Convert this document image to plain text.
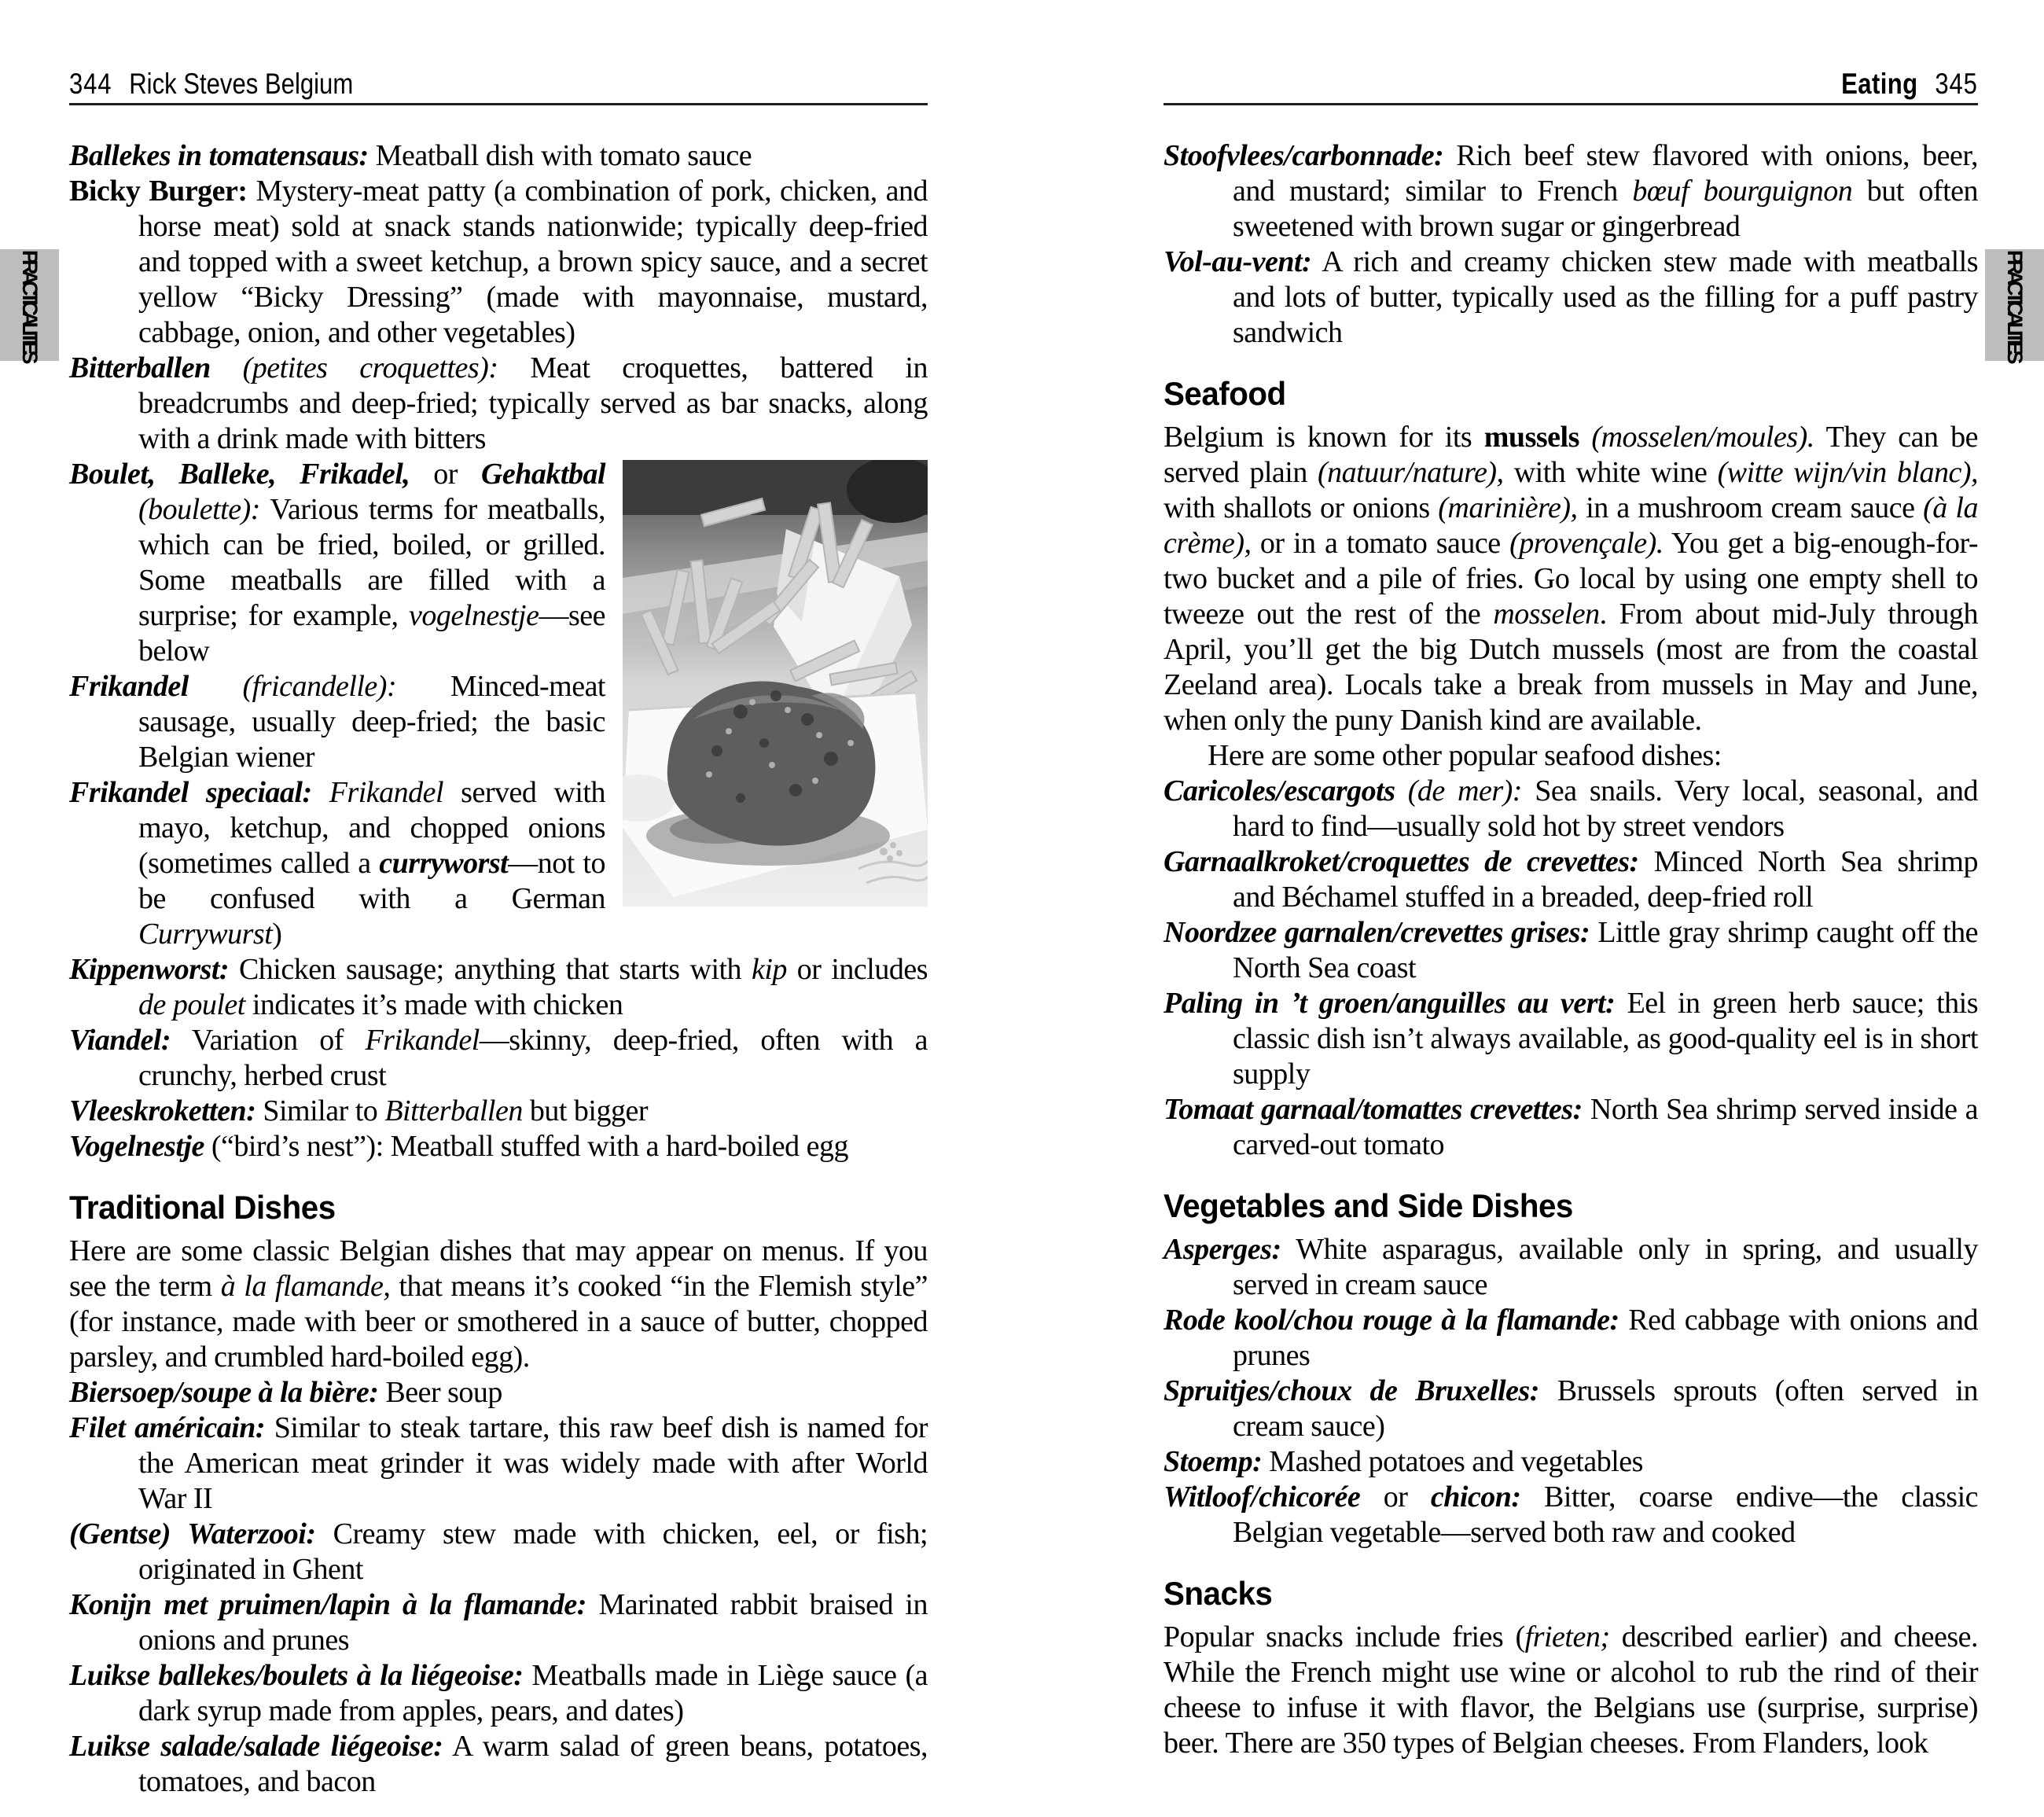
344 Rick Steves Belgium	Eating 345
PRACTICALITIES	PRACTICALITIES

Ballekes in tomatensaus: Meatball dish with tomato sauce

Bicky Burger: Mystery-meat patty (a combination of pork, chicken, and horse meat) sold at snack stands nationwide; typically deep-fried and topped with a sweet ketchup, a brown spicy sauce, and a secret yellow “Bicky Dressing” (made with mayonnaise, mustard, cabbage, onion, and other vegetables)

Bitterballen (petites croquettes): Meat croquettes, battered in breadcrumbs and deep-fried; typically served as bar snacks, along with a drink made with bitters

Boulet, Balleke, Frikadel, or Gehaktbal (boulette): Various terms for meatballs, which can be fried, boiled, or grilled. Some meatballs are filled with a surprise; for example, vogelnestje—see below

Frikandel (fricandelle): Minced-meat sausage, usually deep-fried; the basic Belgian wiener

Frikandel speciaal: Frikandel served with mayo, ketchup, and chopped onions (sometimes called a curryworst—not to be confused with a German Currywurst)

Kippenworst: Chicken sausage; anything that starts with kip or includes de poulet indicates it’s made with chicken

Viandel: Variation of Frikandel—skinny, deep-fried, often with a crunchy, herbed crust

Vleeskroketten: Similar to Bitterballen but bigger

Vogelnestje (“bird’s nest”): Meatball stuffed with a hard-boiled egg

Traditional Dishes

Here are some classic Belgian dishes that may appear on menus. If you see the term à la flamande, that means it’s cooked “in the Flemish style” (for instance, made with beer or smothered in a sauce of butter, chopped parsley, and crumbled hard-boiled egg).

Biersoep/soupe à la bière: Beer soup

Filet américain: Similar to steak tartare, this raw beef dish is named for the American meat grinder it was widely made with after World War II

(Gentse) Waterzooi: Creamy stew made with chicken, eel, or fish; originated in Ghent

Konijn met pruimen/lapin à la flamande: Marinated rabbit braised in onions and prunes

Luikse ballekes/boulets à la liégeoise: Meatballs made in Liège sauce (a dark syrup made from apples, pears, and dates)

Luikse salade/salade liégeoise: A warm salad of green beans, potatoes, tomatoes, and bacon

Stoofvlees/carbonnade: Rich beef stew flavored with onions, beer, and mustard; similar to French bœuf bourguignon but often sweetened with brown sugar or gingerbread

Vol-au-vent: A rich and creamy chicken stew made with meatballs and lots of butter, typically used as the filling for a puff pastry sandwich

Seafood

Belgium is known for its mussels (mosselen/moules). They can be served plain (natuur/nature), with white wine (witte wijn/vin blanc), with shallots or onions (marinière), in a mushroom cream sauce (à la crème), or in a tomato sauce (provençale). You get a big-enough-for-two bucket and a pile of fries. Go local by using one empty shell to tweeze out the rest of the mosselen. From about mid-July through April, you’ll get the big Dutch mussels (most are from the coastal Zeeland area). Locals take a break from mussels in May and June, when only the puny Danish kind are available.

Here are some other popular seafood dishes:

Caricoles/escargots (de mer): Sea snails. Very local, seasonal, and hard to find—usually sold hot by street vendors

Garnaalkroket/croquettes de crevettes: Minced North Sea shrimp and Béchamel stuffed in a breaded, deep-fried roll

Noordzee garnalen/crevettes grises: Little gray shrimp caught off the North Sea coast

Paling in ’t groen/anguilles au vert: Eel in green herb sauce; this classic dish isn’t always available, as good-quality eel is in short supply

Tomaat garnaal/tomattes crevettes: North Sea shrimp served inside a carved-out tomato

Vegetables and Side Dishes

Asperges: White asparagus, available only in spring, and usually served in cream sauce

Rode kool/chou rouge à la flamande: Red cabbage with onions and prunes

Spruitjes/choux de Bruxelles: Brussels sprouts (often served in cream sauce)

Stoemp: Mashed potatoes and vegetables

Witloof/chicorée or chicon: Bitter, coarse endive—the classic Belgian vegetable—served both raw and cooked

Snacks

Popular snacks include fries (frieten; described earlier) and cheese. While the French might use wine or alcohol to rub the rind of their cheese to infuse it with flavor, the Belgians use (surprise, surprise) beer. There are 350 types of Belgian cheeses. From Flanders, look
